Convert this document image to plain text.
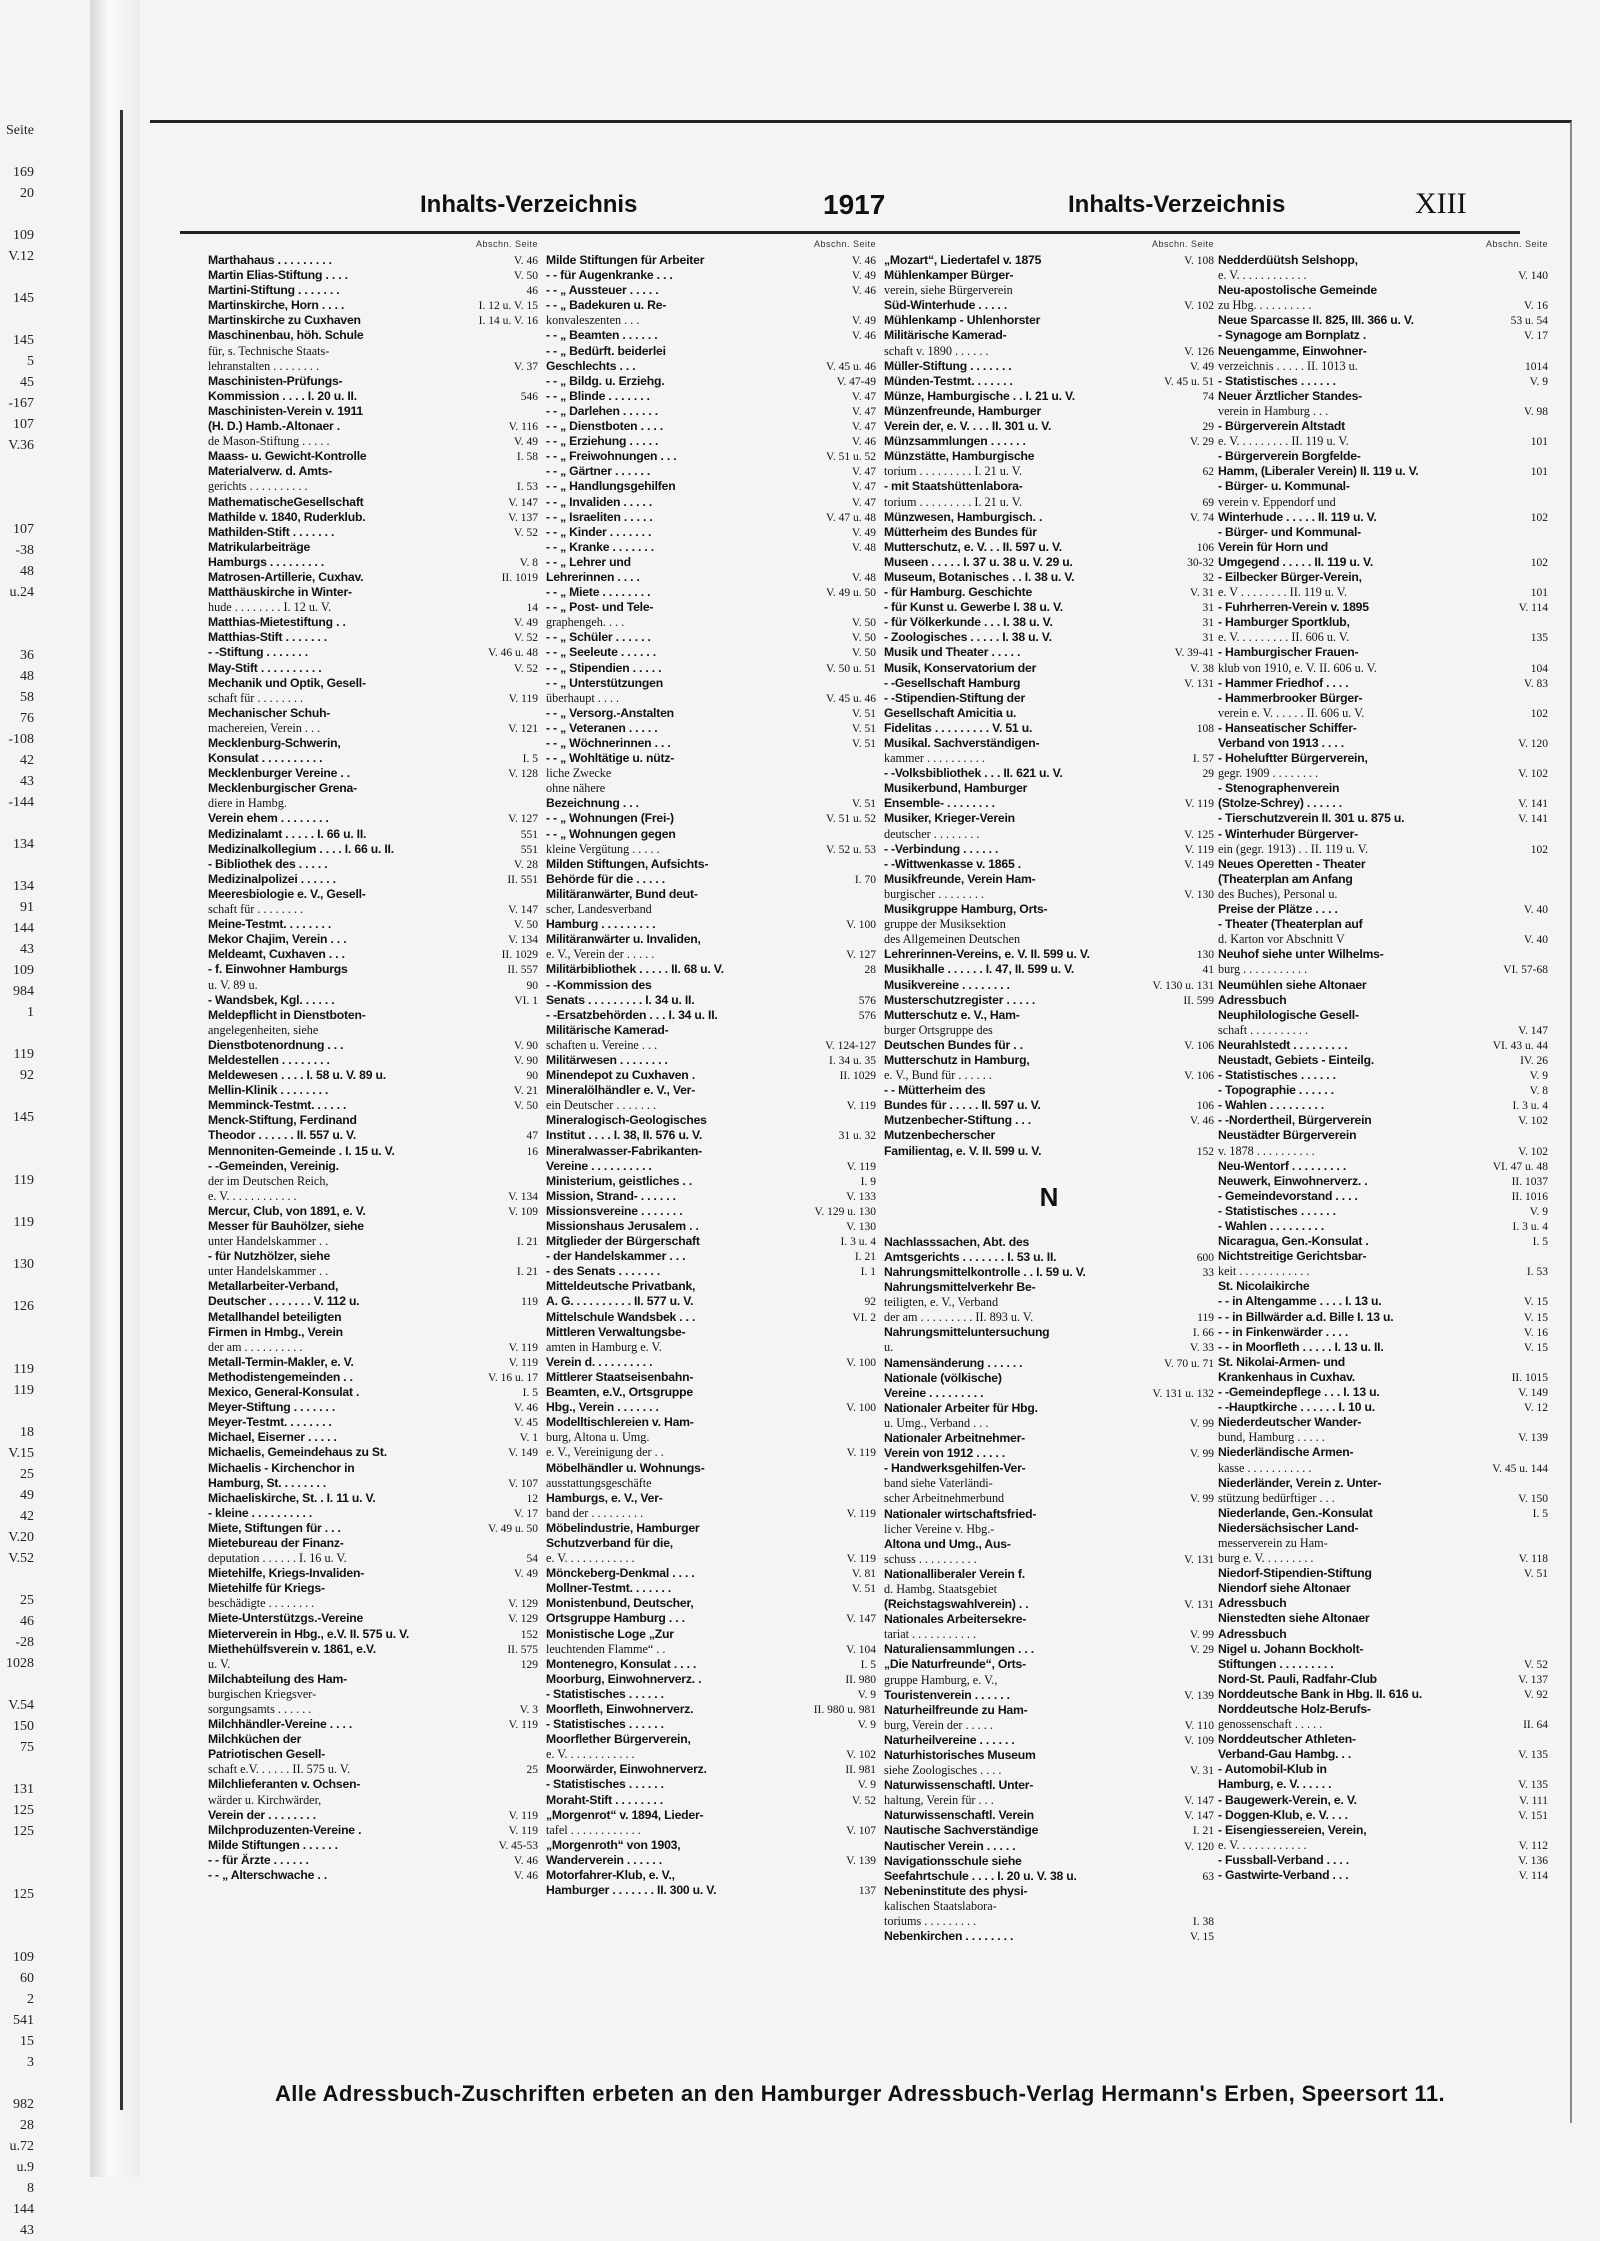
Seite
169
20
109
V.12
145
145
5
45
-167
107
V.36
107
-38
48
u.24
36
48
58
76
-108
42
43
-144
134
134
91
144
43
109
984
1
119
92
145
119
119
130
126
119
119
18
V.15
25
49
42
V.20
V.52
25
46
-28
1028
V.54
150
75
131
125
125
125
109
60
2
541
15
3
982
28
u.72
u.9
8
144
43
Inhalts-Verzeichnis	1917	Inhalts-Verzeichnis	XIII
Abschn. Seite
Marthahaus . . . . . . . . .	V. 46
Martin Elias-Stiftung . . . .	V. 50
Martini-Stiftung . . . . . . .	46
Martinskirche, Horn . . . .	I. 12 u. V. 15
Martinskirche zu Cuxhaven	I. 14 u. V. 16
Maschinenbau, höh. Schule
für, s. Technische Staats-
lehranstalten . . . . . . . .	V. 37
Maschinisten-Prüfungs-
Kommission . . . . I. 20 u. II.	546
Maschinisten-Verein v. 1911
(H. D.) Hamb.-Altonaer .	V. 116
de Mason-Stiftung . . . . .	V. 49
Maass- u. Gewicht-Kontrolle	I. 58
Materialverw. d. Amts-
gerichts . . . . . . . . . .	I. 53
MathematischeGesellschaft	V. 147
Mathilde v. 1840, Ruderklub.	V. 137
Mathilden-Stift . . . . . . .	V. 52
Matrikularbeiträge
Hamburgs . . . . . . . . .	V. 8
Matrosen-Artillerie, Cuxhav.	II. 1019
Matthäuskirche in Winter-
hude . . . . . . . . I. 12 u. V.	14
Matthias-Mietestiftung . .	V. 49
Matthias-Stift . . . . . . .	V. 52
- -Stiftung . . . . . . .	V. 46 u. 48
May-Stift . . . . . . . . . .	V. 52
Mechanik und Optik, Gesell-
schaft für . . . . . . . .	V. 119
Mechanischer Schuh-
machereien, Verein . . .	V. 121
Mecklenburg-Schwerin,
Konsulat . . . . . . . . . .	I. 5
Mecklenburger Vereine . .	V. 128
Mecklenburgischer Grena-
diere in Hambg.
Verein ehem . . . . . . . .	V. 127
Medizinalamt . . . . . I. 66 u. II.	551
Medizinalkollegium . . . . I. 66 u. II.	551
- Bibliothek des . . . . .	V. 28
Medizinalpolizei . . . . . .	II. 551
Meeresbiologie e. V., Gesell-
schaft für . . . . . . . .	V. 147
Meine-Testmt. . . . . . . .	V. 50
Mekor Chajim, Verein . . .	V. 134
Meldeamt, Cuxhaven . . .	II. 1029
- f. Einwohner Hamburgs	II. 557
u. V. 89 u.	90
- Wandsbek, Kgl. . . . . .	VI. 1
Meldepflicht in Dienstboten-
angelegenheiten, siehe
Dienstbotenordnung . . .	V. 90
Meldestellen . . . . . . . .	V. 90
Meldewesen . . . . I. 58 u. V. 89 u.	90
Mellin-Klinik . . . . . . . .	V. 21
Memminck-Testmt. . . . . .	V. 50
Menck-Stiftung, Ferdinand
Theodor . . . . . . II. 557 u. V.	47
Mennoniten-Gemeinde . I. 15 u. V.	16
- -Gemeinden, Vereinig.
der im Deutschen Reich,
e. V. . . . . . . . . . . .	V. 134
Mercur, Club, von 1891, e. V.	V. 109
Messer für Bauhölzer, siehe
unter Handelskammer . .	I. 21
- für Nutzhölzer, siehe
unter Handelskammer . .	I. 21
Metallarbeiter-Verband,
Deutscher . . . . . . . V. 112 u.	119
Metallhandel beteiligten
Firmen in Hmbg., Verein
der am . . . . . . . . . .	V. 119
Metall-Termin-Makler, e. V.	V. 119
Methodistengemeinden . .	V. 16 u. 17
Mexico, General-Konsulat .	I. 5
Meyer-Stiftung . . . . . . .	V. 46
Meyer-Testmt. . . . . . . .	V. 45
Michael, Eiserner . . . . .	V. 1
Michaelis, Gemeindehaus zu St.	V. 149
Michaelis - Kirchenchor in
Hamburg, St. . . . . . . .	V. 107
Michaeliskirche, St. . I. 11 u. V.	12
- kleine . . . . . . . . . .	V. 17
Miete, Stiftungen für . . .	V. 49 u. 50
Mietebureau der Finanz-
deputation . . . . . . I. 16 u. V.	54
Mietehilfe, Kriegs-Invaliden-	V. 49
Mietehilfe für Kriegs-
beschädigte . . . . . . . .	V. 129
Miete-Unterstützgs.-Vereine	V. 129
Mieterverein in Hbg., e.V. II. 575 u. V.	152
Miethehülfsverein v. 1861, e.V.	II. 575
u. V.	129
Milchabteilung des Ham-
burgischen Kriegsver-
sorgungsamts . . . . . .	V. 3
Milchhändler-Vereine . . . .	V. 119
Milchküchen der
Patriotischen Gesell-
schaft e.V. . . . . . II. 575 u. V.	25
Milchlieferanten v. Ochsen-
wärder u. Kirchwärder,
Verein der . . . . . . . .	V. 119
Milchproduzenten-Vereine .	V. 119
Milde Stiftungen . . . . . .	V. 45-53
- - für Ärzte . . . . . .	V. 46
- - „ Alterschwache . .	V. 46
Abschn. Seite
Milde Stiftungen für Arbeiter	V. 46
- - für Augenkranke . . .	V. 49
- - „ Aussteuer . . . . .	V. 46
- - „ Badekuren u. Re-
konvaleszenten . . .	V. 49
- - „ Beamten . . . . . .	V. 46
- - „ Bedürft. beiderlei
Geschlechts . . .	V. 45 u. 46
- - „ Bildg. u. Erziehg.	V. 47-49
- - „ Blinde . . . . . . .	V. 47
- - „ Darlehen . . . . . .	V. 47
- - „ Dienstboten . . . .	V. 47
- - „ Erziehung . . . . .	V. 46
- - „ Freiwohnungen . . .	V. 51 u. 52
- - „ Gärtner . . . . . .	V. 47
- - „ Handlungsgehilfen	V. 47
- - „ Invaliden . . . . .	V. 47
- - „ Israeliten . . . . .	V. 47 u. 48
- - „ Kinder . . . . . . .	V. 49
- - „ Kranke . . . . . . .	V. 48
- - „ Lehrer und
Lehrerinnen . . . .	V. 48
- - „ Miete . . . . . . . .	V. 49 u. 50
- - „ Post- und Tele-
graphengeh. . . .	V. 50
- - „ Schüler . . . . . .	V. 50
- - „ Seeleute . . . . . .	V. 50
- - „ Stipendien . . . . .	V. 50 u. 51
- - „ Unterstützungen
überhaupt . . . .	V. 45 u. 46
- - „ Versorg.-Anstalten	V. 51
- - „ Veteranen . . . . .	V. 51
- - „ Wöchnerinnen . . .	V. 51
- - „ Wohltätige u. nütz-
liche Zwecke
ohne nähere
Bezeichnung . . .	V. 51
- - „ Wohnungen (Frei-)	V. 51 u. 52
- - „ Wohnungen gegen
kleine Vergütung . . . . .	V. 52 u. 53
Milden Stiftungen, Aufsichts-
Behörde für die . . . . .	I. 70
Militäranwärter, Bund deut-
scher, Landesverband
Hamburg . . . . . . . . .	V. 100
Militäranwärter u. Invaliden,
e. V., Verein der . . . . .	V. 127
Militärbibliothek . . . . . II. 68 u. V.	28
- -Kommission des
Senats . . . . . . . . . I. 34 u. II.	576
- -Ersatzbehörden . . . I. 34 u. II.	576
Militärische Kamerad-
schaften u. Vereine . . .	V. 124-127
Militärwesen . . . . . . . .	I. 34 u. 35
Minendepot zu Cuxhaven .	II. 1029
Mineralölhändler e. V., Ver-
ein Deutscher . . . . . . .	V. 119
Mineralogisch-Geologisches
Institut . . . . I. 38, II. 576 u. V.	31 u. 32
Mineralwasser-Fabrikanten-
Vereine . . . . . . . . . .	V. 119
Ministerium, geistliches . .	I. 9
Mission, Strand- . . . . . .	V. 133
Missionsvereine . . . . . . .	V. 129 u. 130
Missionshaus Jerusalem . .	V. 130
Mitglieder der Bürgerschaft	I. 3 u. 4
- der Handelskammer . . .	I. 21
- des Senats . . . . . . .	I. 1
Mitteldeutsche Privatbank,
A. G. . . . . . . . . . II. 577 u. V.	92
Mittelschule Wandsbek . . .	VI. 2
Mittleren Verwaltungsbe-
amten in Hamburg e. V.
Verein d. . . . . . . . . .	V. 100
Mittlerer Staatseisenbahn-
Beamten, e.V., Ortsgruppe
Hbg., Verein . . . . . . .	V. 100
Modelltischlereien v. Ham-
burg, Altona u. Umg.
e. V., Vereinigung der . .	V. 119
Möbelhändler u. Wohnungs-
ausstattungsgeschäfte
Hamburgs, e. V., Ver-
band der . . . . . . . . .	V. 119
Möbelindustrie, Hamburger
Schutzverband für die,
e. V. . . . . . . . . . . .	V. 119
Mönckeberg-Denkmal . . . .	V. 81
Mollner-Testmt. . . . . . .	V. 51
Monistenbund, Deutscher,
Ortsgruppe Hamburg . . .	V. 147
Monistische Loge „Zur
leuchtenden Flamme“ . .	V. 104
Montenegro, Konsulat . . . .	I. 5
Moorburg, Einwohnerverz. .	II. 980
- Statistisches . . . . . .	V. 9
Moorfleth, Einwohnerverz.	II. 980 u. 981
- Statistisches . . . . . .	V. 9
Moorflether Bürgerverein,
e. V. . . . . . . . . . . .	V. 102
Moorwärder, Einwohnerverz.	II. 981
- Statistisches . . . . . .	V. 9
Moraht-Stift . . . . . . . .	V. 52
„Morgenrot“ v. 1894, Lieder-
tafel . . . . . . . . . . . .	V. 107
„Morgenroth“ von 1903,
Wanderverein . . . . . .	V. 139
Motorfahrer-Klub, e. V.,
Hamburger . . . . . . . II. 300 u. V.	137
Abschn. Seite
„Mozart“, Liedertafel v. 1875	V. 108
Mühlenkamper Bürger-
verein, siehe Bürgerverein
Süd-Winterhude . . . . .	V. 102
Mühlenkamp - Uhlenhorster
Militärische Kamerad-
schaft v. 1890 . . . . . .	V. 126
Müller-Stiftung . . . . . . .	V. 49
Münden-Testmt. . . . . . .	V. 45 u. 51
Münze, Hamburgische . . I. 21 u. V.	74
Münzenfreunde, Hamburger
Verein der, e. V. . . . II. 301 u. V.	29
Münzsammlungen . . . . . .	V. 29
Münzstätte, Hamburgische
torium . . . . . . . . . I. 21 u. V.	62
- mit Staatshüttenlabora-
torium . . . . . . . . . I. 21 u. V.	69
Münzwesen, Hamburgisch. .	V. 74
Mütterheim des Bundes für
Mutterschutz, e. V. . . II. 597 u. V.	106
Museen . . . . . I. 37 u. 38 u. V. 29 u.	30-32
Museum, Botanisches . . I. 38 u. V.	32
- für Hamburg. Geschichte	V. 31
- für Kunst u. Gewerbe I. 38 u. V.	31
- für Völkerkunde . . . I. 38 u. V.	31
- Zoologisches . . . . . I. 38 u. V.	31
Musik und Theater . . . . .	V. 39-41
Musik, Konservatorium der	V. 38
- -Gesellschaft Hamburg	V. 131
- -Stipendien-Stiftung der
Gesellschaft Amicitia u.
Fidelitas . . . . . . . . . V. 51 u.	108
Musikal. Sachverständigen-
kammer . . . . . . . . . .	I. 57
- -Volksbibliothek . . . II. 621 u. V.	29
Musikerbund, Hamburger
Ensemble- . . . . . . . .	V. 119
Musiker, Krieger-Verein
deutscher . . . . . . . .	V. 125
- -Verbindung . . . . . .	V. 119
- -Wittwenkasse v. 1865 .	V. 149
Musikfreunde, Verein Ham-
burgischer . . . . . . . .	V. 130
Musikgruppe Hamburg, Orts-
gruppe der Musiksektion
des Allgemeinen Deutschen
Lehrerinnen-Vereins, e. V. II. 599 u. V.	130
Musikhalle . . . . . . I. 47, II. 599 u. V.	41
Musikvereine . . . . . . . .	V. 130 u. 131
Musterschutzregister . . . . .	II. 599
Mutterschutz e. V., Ham-
burger Ortsgruppe des
Deutschen Bundes für . .	V. 106
Mutterschutz in Hamburg,
e. V., Bund für . . . . . .	V. 106
- - Mütterheim des
Bundes für . . . . . II. 597 u. V.	106
Mutzenbecher-Stiftung . . .	V. 46
Mutzenbecherscher
Familientag, e. V. II. 599 u. V.	152
N
Nachlasssachen, Abt. des
Amtsgerichts . . . . . . . I. 53 u. II.	600
Nahrungsmittelkontrolle . . I. 59 u. V.	33
Nahrungsmittelverkehr Be-
teiligten, e. V., Verband
der am . . . . . . . . . II. 893 u. V.	119
Nahrungsmitteluntersuchung	I. 66
u.	V. 33
Namensänderung . . . . . .	V. 70 u. 71
Nationale (völkische)
Vereine . . . . . . . . .	V. 131 u. 132
Nationaler Arbeiter für Hbg.
u. Umg., Verband . . .	V. 99
Nationaler Arbeitnehmer-
Verein von 1912 . . . . .	V. 99
- Handwerksgehilfen-Ver-
band siehe Vaterländi-
scher Arbeitnehmerbund	V. 99
Nationaler wirtschaftsfried-
licher Vereine v. Hbg.-
Altona und Umg., Aus-
schuss . . . . . . . . . .	V. 131
Nationalliberaler Verein f.
d. Hambg. Staatsgebiet
(Reichstagswahlverein) . .	V. 131
Nationales Arbeitersekre-
tariat . . . . . . . . . . .	V. 99
Naturaliensammlungen . . .	V. 29
„Die Naturfreunde“, Orts-
gruppe Hamburg, e. V.,
Touristenverein . . . . . .	V. 139
Naturheilfreunde zu Ham-
burg, Verein der . . . . .	V. 110
Naturheilvereine . . . . . .	V. 109
Naturhistorisches Museum
siehe Zoologisches . . . .	V. 31
Naturwissenschaftl. Unter-
haltung, Verein für . . .	V. 147
Naturwissenschaftl. Verein	V. 147
Nautische Sachverständige	I. 21
Nautischer Verein . . . . .	V. 120
Navigationsschule siehe
Seefahrtschule . . . . I. 20 u. V. 38 u.	63
Nebeninstitute des physi-
kalischen Staatslabora-
toriums . . . . . . . . .	I. 38
Nebenkirchen . . . . . . . .	V. 15
Abschn. Seite
Nedderdüütsh Selshopp,
e. V. . . . . . . . . . . .	V. 140
Neu-apostolische Gemeinde
zu Hbg. . . . . . . . . .	V. 16
Neue Sparcasse II. 825, III. 366 u. V.	53 u. 54
- Synagoge am Bornplatz .	V. 17
Neuengamme, Einwohner-
verzeichnis . . . . . II. 1013 u.	1014
- Statistisches . . . . . .	V. 9
Neuer Ärztlicher Standes-
verein in Hamburg . . .	V. 98
- Bürgerverein Altstadt
e. V. . . . . . . . . II. 119 u. V.	101
- Bürgerverein Borgfelde-
Hamm, (Liberaler Verein) II. 119 u. V.	101
- Bürger- u. Kommunal-
verein v. Eppendorf und
Winterhude . . . . . II. 119 u. V.	102
- Bürger- und Kommunal-
Verein für Horn und
Umgegend . . . . . II. 119 u. V.	102
- Eilbecker Bürger-Verein,
e. V . . . . . . . . II. 119 u. V.	101
- Fuhrherren-Verein v. 1895	V. 114
- Hamburger Sportklub,
e. V. . . . . . . . . II. 606 u. V.	135
- Hamburgischer Frauen-
klub von 1910, e. V. II. 606 u. V.	104
- Hammer Friedhof . . . .	V. 83
- Hammerbrooker Bürger-
verein e. V. . . . . . II. 606 u. V.	102
- Hanseatischer Schiffer-
Verband von 1913 . . . .	V. 120
- Hoheluftter Bürgerverein,
gegr. 1909 . . . . . . . .	V. 102
- Stenographenverein
(Stolze-Schrey) . . . . . .	V. 141
- Tierschutzverein II. 301 u. 875 u.	V. 141
- Winterhuder Bürgerver-
ein (gegr. 1913) . . II. 119 u. V.	102
Neues Operetten - Theater
(Theaterplan am Anfang
des Buches), Personal u.
Preise der Plätze . . . .	V. 40
- Theater (Theaterplan auf
d. Karton vor Abschnitt V	V. 40
Neuhof siehe unter Wilhelms-
burg . . . . . . . . . . .	VI. 57-68
Neumühlen siehe Altonaer
Adressbuch
Neuphilologische Gesell-
schaft . . . . . . . . . .	V. 147
Neurahlstedt . . . . . . . . .	VI. 43 u. 44
Neustadt, Gebiets - Einteilg.	IV. 26
- Statistisches . . . . . .	V. 9
- Topographie . . . . . .	V. 8
- Wahlen . . . . . . . . .	I. 3 u. 4
- -Nordertheil, Bürgerverein	V. 102
Neustädter Bürgerverein
v. 1878 . . . . . . . . . .	V. 102
Neu-Wentorf . . . . . . . . .	VI. 47 u. 48
Neuwerk, Einwohnerverz. .	II. 1037
- Gemeindevorstand . . . .	II. 1016
- Statistisches . . . . . .	V. 9
- Wahlen . . . . . . . . .	I. 3 u. 4
Nicaragua, Gen.-Konsulat .	I. 5
Nichtstreitige Gerichtsbar-
keit . . . . . . . . . . . .	I. 53
St. Nicolaikirche
- - in Altengamme . . . . I. 13 u.	V. 15
- - in Billwärder a.d. Bille I. 13 u.	V. 15
- - in Finkenwärder . . . .	V. 16
- - in Moorfleth . . . . . I. 13 u. II.	V. 15
St. Nikolai-Armen- und
Krankenhaus in Cuxhav.	II. 1015
- -Gemeindepflege . . . I. 13 u.	V. 149
- -Hauptkirche . . . . . . I. 10 u.	V. 12
Niederdeutscher Wander-
bund, Hamburg . . . . .	V. 139
Niederländische Armen-
kasse . . . . . . . . . . .	V. 45 u. 144
Niederländer, Verein z. Unter-
stützung bedürftiger . . .	V. 150
Niederlande, Gen.-Konsulat	I. 5
Niedersächsischer Land-
messerverein zu Ham-
burg e. V. . . . . . . . .	V. 118
Niedorf-Stipendien-Stiftung	V. 51
Niendorf siehe Altonaer
Adressbuch
Nienstedten siehe Altonaer
Adressbuch
Nigel u. Johann Bockholt-
Stiftungen . . . . . . . . .	V. 52
Nord-St. Pauli, Radfahr-Club	V. 137
Norddeutsche Bank in Hbg. II. 616 u.	V. 92
Norddeutsche Holz-Berufs-
genossenschaft . . . . .	II. 64
Norddeutscher Athleten-
Verband-Gau Hambg. . .	V. 135
- Automobil-Klub in
Hamburg, e. V. . . . . .	V. 135
- Baugewerk-Verein, e. V.	V. 111
- Doggen-Klub, e. V. . . .	V. 151
- Eisengiessereien, Verein,
e. V. . . . . . . . . . . .	V. 112
- Fussball-Verband . . . .	V. 136
- Gastwirte-Verband . . .	V. 114
Alle Adressbuch-Zuschriften erbeten an den Hamburger Adressbuch-Verlag Hermann's Erben, Speersort 11.
